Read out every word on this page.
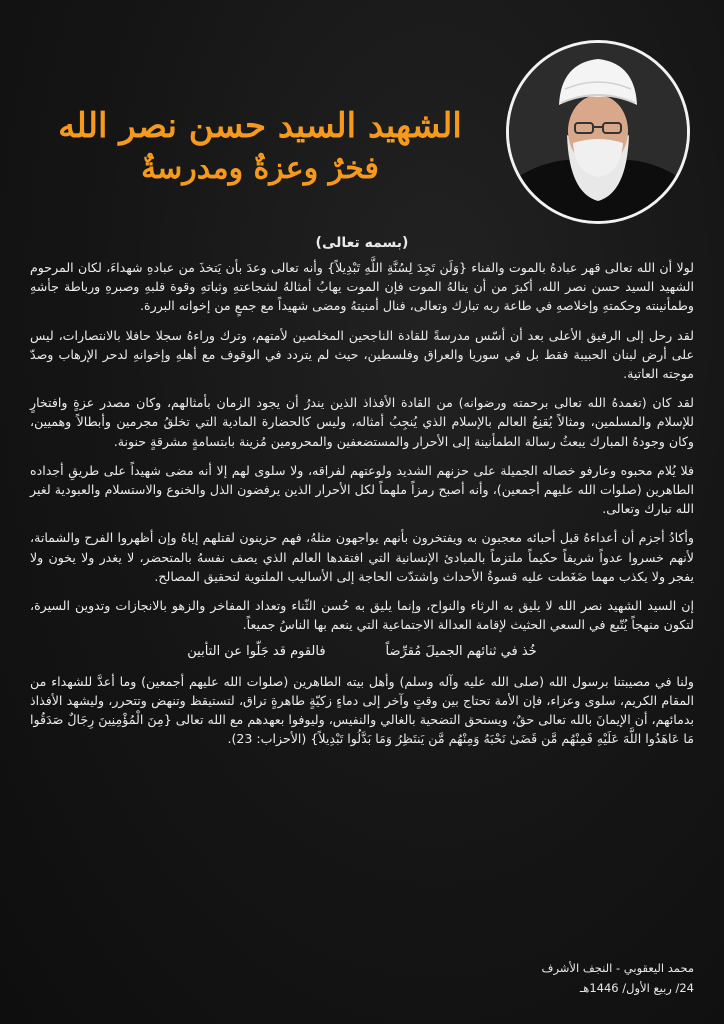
الشهيد السيد حسن نصر الله
فخرٌ وعزةٌ ومدرسةٌ
(بسمه تعالى)

لولا أن الله تعالى قهر عبادهُ بالموت والفناء {وَلَن تَجِدَ لِسُنَّةِ اللَّهِ تَبْدِيلاً} وأنه تعالى وعدَ بأن يَتخذَ من عبادهِ شهداءَ، لكان المرحوم الشهيد السيد حسن نصر الله، أكبرَ من أن ينالهُ الموت فإن الموت يهابُ أمثالهُ لشجاعتهِ وثباتهِ وقوة قلبهِ وصبرهِ ورباطة جأشهِ وطمأنينته وحكمتهِ وإخلاصهِ في طاعة ربه تبارك وتعالى، فنال أمنيتهُ ومضى شهيداً مع جمعٍ من إخوانه البررة.

لقد رحل إلى الرفيق الأعلى بعد أن أسّس مدرسةً للقادة الناجحين المخلصين لأمتهم، وترك وراءهُ سجلا حافلا بالانتصارات، ليس على أرض لبنان الحبيبة فقط بل في سوريا والعراق وفلسطين، حيث لم يتردد في الوقوف مع أهلهِ وإخوانهِ لدحر الإرهاب وصدّ موجته العاتية.

لقد كان (تغمدهُ الله تعالى برحمته ورضوانه) من القادة الأفذاذ الذين يندرُ أن يجود الزمان بأمثالهم، وكان مصدر عزةٍ وافتخارٍ للإسلام والمسلمين، ومثالاً يُقنِعُ العالم بالإسلام الذي يُنجِبُ أمثاله، وليس كالحضارة المادية التي تخلقُ مجرمين وأبطالاً وهميين، وكان وجودهُ المبارك يبعثُ رسالة الطمأنينة إلى الأحرار والمستضعفين والمحرومين مُزينة بابتسامةٍ مشرقةٍ حنونة.

فلا يُلام محبوه وعارفو خصاله الجميلة على حزنهم الشديد ولوعتهم لفراقه، ولا سلوى لهم إلا أنه مضى شهيداً على طريقِ أجداده الطاهرين (صلوات الله عليهم أجمعين)، وأنه أصبح رمزاً ملهماً لكل الأحرار الذين يرفضون الذل والخنوع والاستسلام والعبودية لغير الله تبارك وتعالى.

وأكادُ أجزم أن أعداءهُ قبل أحبائه معجبون به ويفتخرون بأنهم يواجهون مثلهُ، فهم حزينون لقتلهم إياهُ وإن أظهروا الفرح والشماتة، لأنهم خسروا عدواً شريفاً حكيماً ملتزماً بالمبادئ الإنسانية التي افتقدها العالم الذي يصف نفسهُ بالمتحضر، لا يغدر ولا يخون ولا يفجر ولا يكذب مهما ضَغَطت عليه قسوةُ الأحداث واشتدّت الحاجة إلى الأساليب الملتوية لتحقيق المصالح.

إن السيد الشهيد نصر الله لا يليق به الرثاء والنواح، وإنما يليق به حُسن الثّناء وتعداد المفاخر والزهو بالانجازات وتدوين السيرة، لتكون منهجاً يُتّبع في السعي الحثيث لإقامة العدالة الاجتماعية التي ينعم بها الناسُ جميعاً.

خُذ في ثنائهم الجميلَ مُقرِّضاً
فالقوم قد جَلّوا عن التأبين

ولنا في مصيبتنا برسول الله (صلى الله عليه وآله وسلم) وأهل بيته الطاهرين (صلوات الله عليهم أجمعين) وما أعدَّ للشهداء من المقام الكريم، سلوى وعزاء، فإن الأمة تحتاج بين وقتٍ وآخر إلى دماءٍ زكيّةٍ طاهرةٍ تراق، لتستيقظ وتنهض وتتحرر، وليشهد الأفذاذ بدمائهم، أن الإيمانَ بالله تعالى حقٌ، ويستحق التضحية بالغالي والنفيس، وليوفوا بعهدهم مع الله تعالى {مِنَ الْمُؤْمِنِينَ رِجَالٌ صَدَقُوا مَا عَاهَدُوا اللَّهَ عَلَيْهِ فَمِنْهُم مَّن قَضَىٰ نَحْبَهُ وَمِنْهُم مَّن يَنتَظِرُ وَمَا بَدَّلُوا تَبْدِيلاً} (الأحزاب: 23).

محمد اليعقوبي - النجف الأشرف
24/ ربيع الأول/ 1446هـ
